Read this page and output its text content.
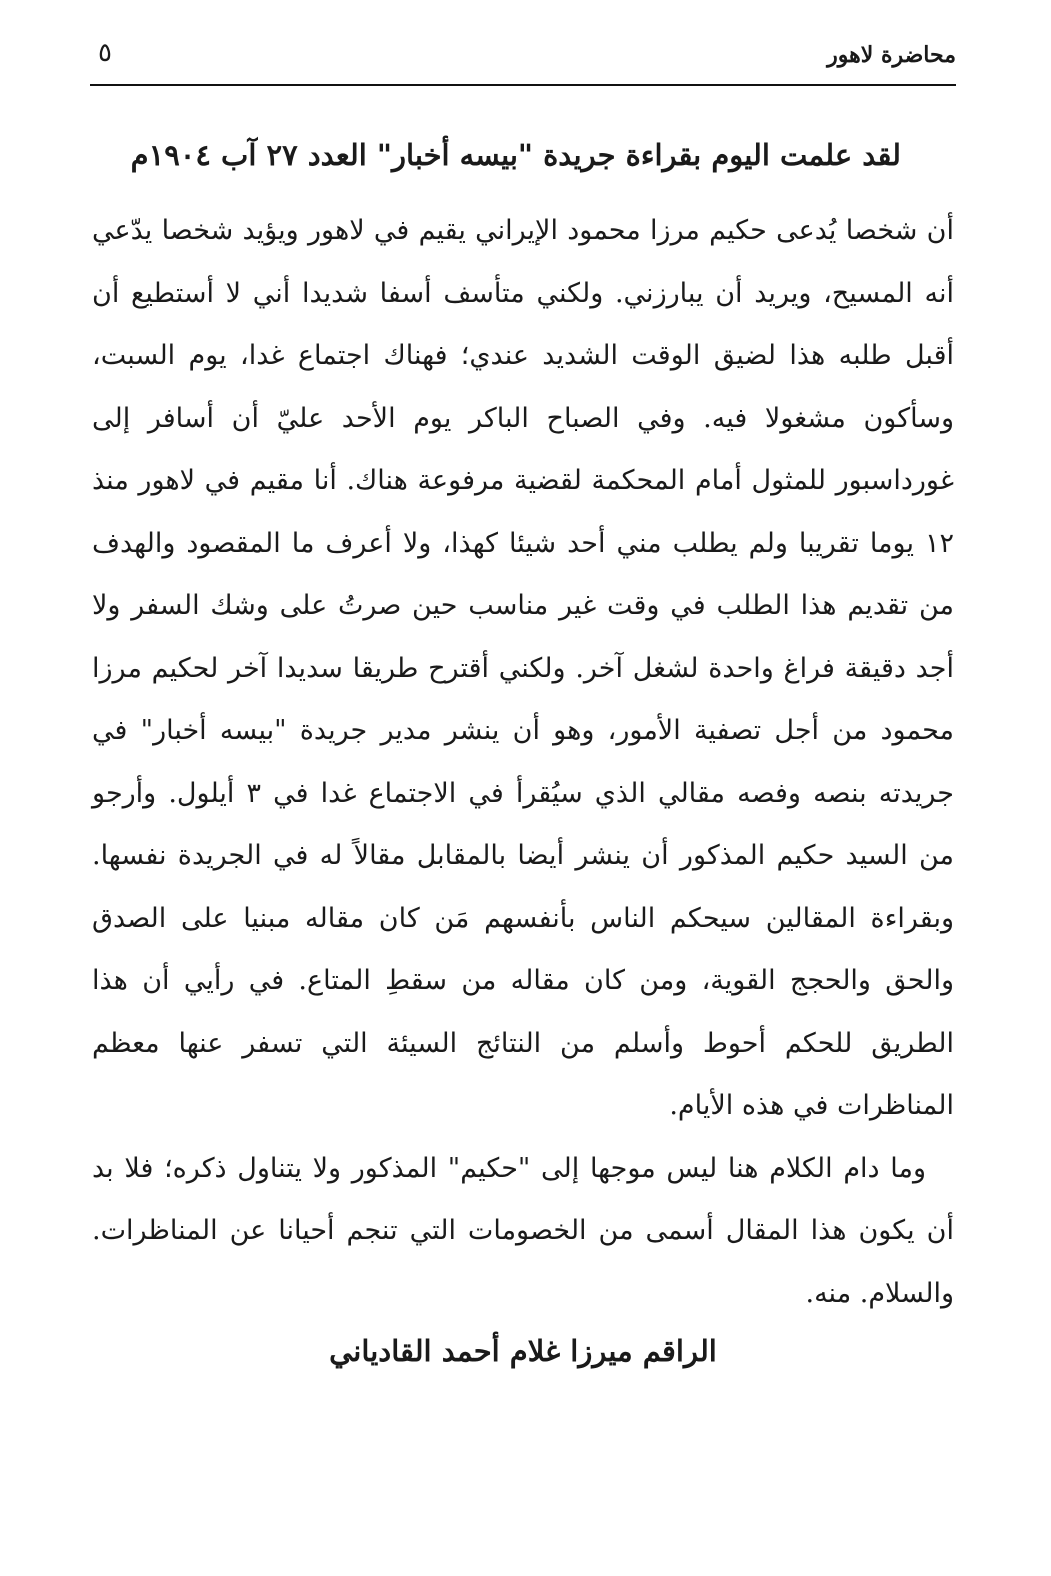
محاضرة لاهور
٥
لقد علمت اليوم بقراءة جريدة "بيسه أخبار" العدد ٢٧ آب ١٩٠٤م

أن شخصا يُدعى حكيم مرزا محمود الإيراني يقيم في لاهور ويؤيد شخصا يدّعي أنه المسيح، ويريد أن يبارزني. ولكني متأسف أسفا شديدا أني لا أستطيع أن أقبل طلبه هذا لضيق الوقت الشديد عندي؛ فهناك اجتماع غدا، يوم السبت، وسأكون مشغولا فيه. وفي الصباح الباكر يوم الأحد عليّ أن أسافر إلى غورداسبور للمثول أمام المحكمة لقضية مرفوعة هناك. أنا مقيم في لاهور منذ ١٢ يوما تقريبا ولم يطلب مني أحد شيئا كهذا، ولا أعرف ما المقصود والهدف من تقديم هذا الطلب في وقت غير مناسب حين صرتُ على وشك السفر ولا أجد دقيقة فراغ واحدة لشغل آخر. ولكني أقترح طريقا سديدا آخر لحكيم مرزا محمود من أجل تصفية الأمور، وهو أن ينشر مدير جريدة "بيسه أخبار" في جريدته بنصه وفصه مقالي الذي سيُقرأ في الاجتماع غدا في ٣ أيلول. وأرجو من السيد حكيم المذكور أن ينشر أيضا بالمقابل مقالاً له في الجريدة نفسها. وبقراءة المقالين سيحكم الناس بأنفسهم مَن كان مقاله مبنيا على الصدق والحق والحجج القوية، ومن كان مقاله من سقطِ المتاع. في رأيي أن هذا الطريق للحكم أحوط وأسلم من النتائج السيئة التي تسفر عنها معظم المناظرات في هذه الأيام.

وما دام الكلام هنا ليس موجها إلى "حكيم" المذكور ولا يتناول ذكره؛ فلا بد أن يكون هذا المقال أسمى من الخصومات التي تنجم أحيانا عن المناظرات. والسلام. منه.

الراقم ميرزا غلام أحمد القادياني
